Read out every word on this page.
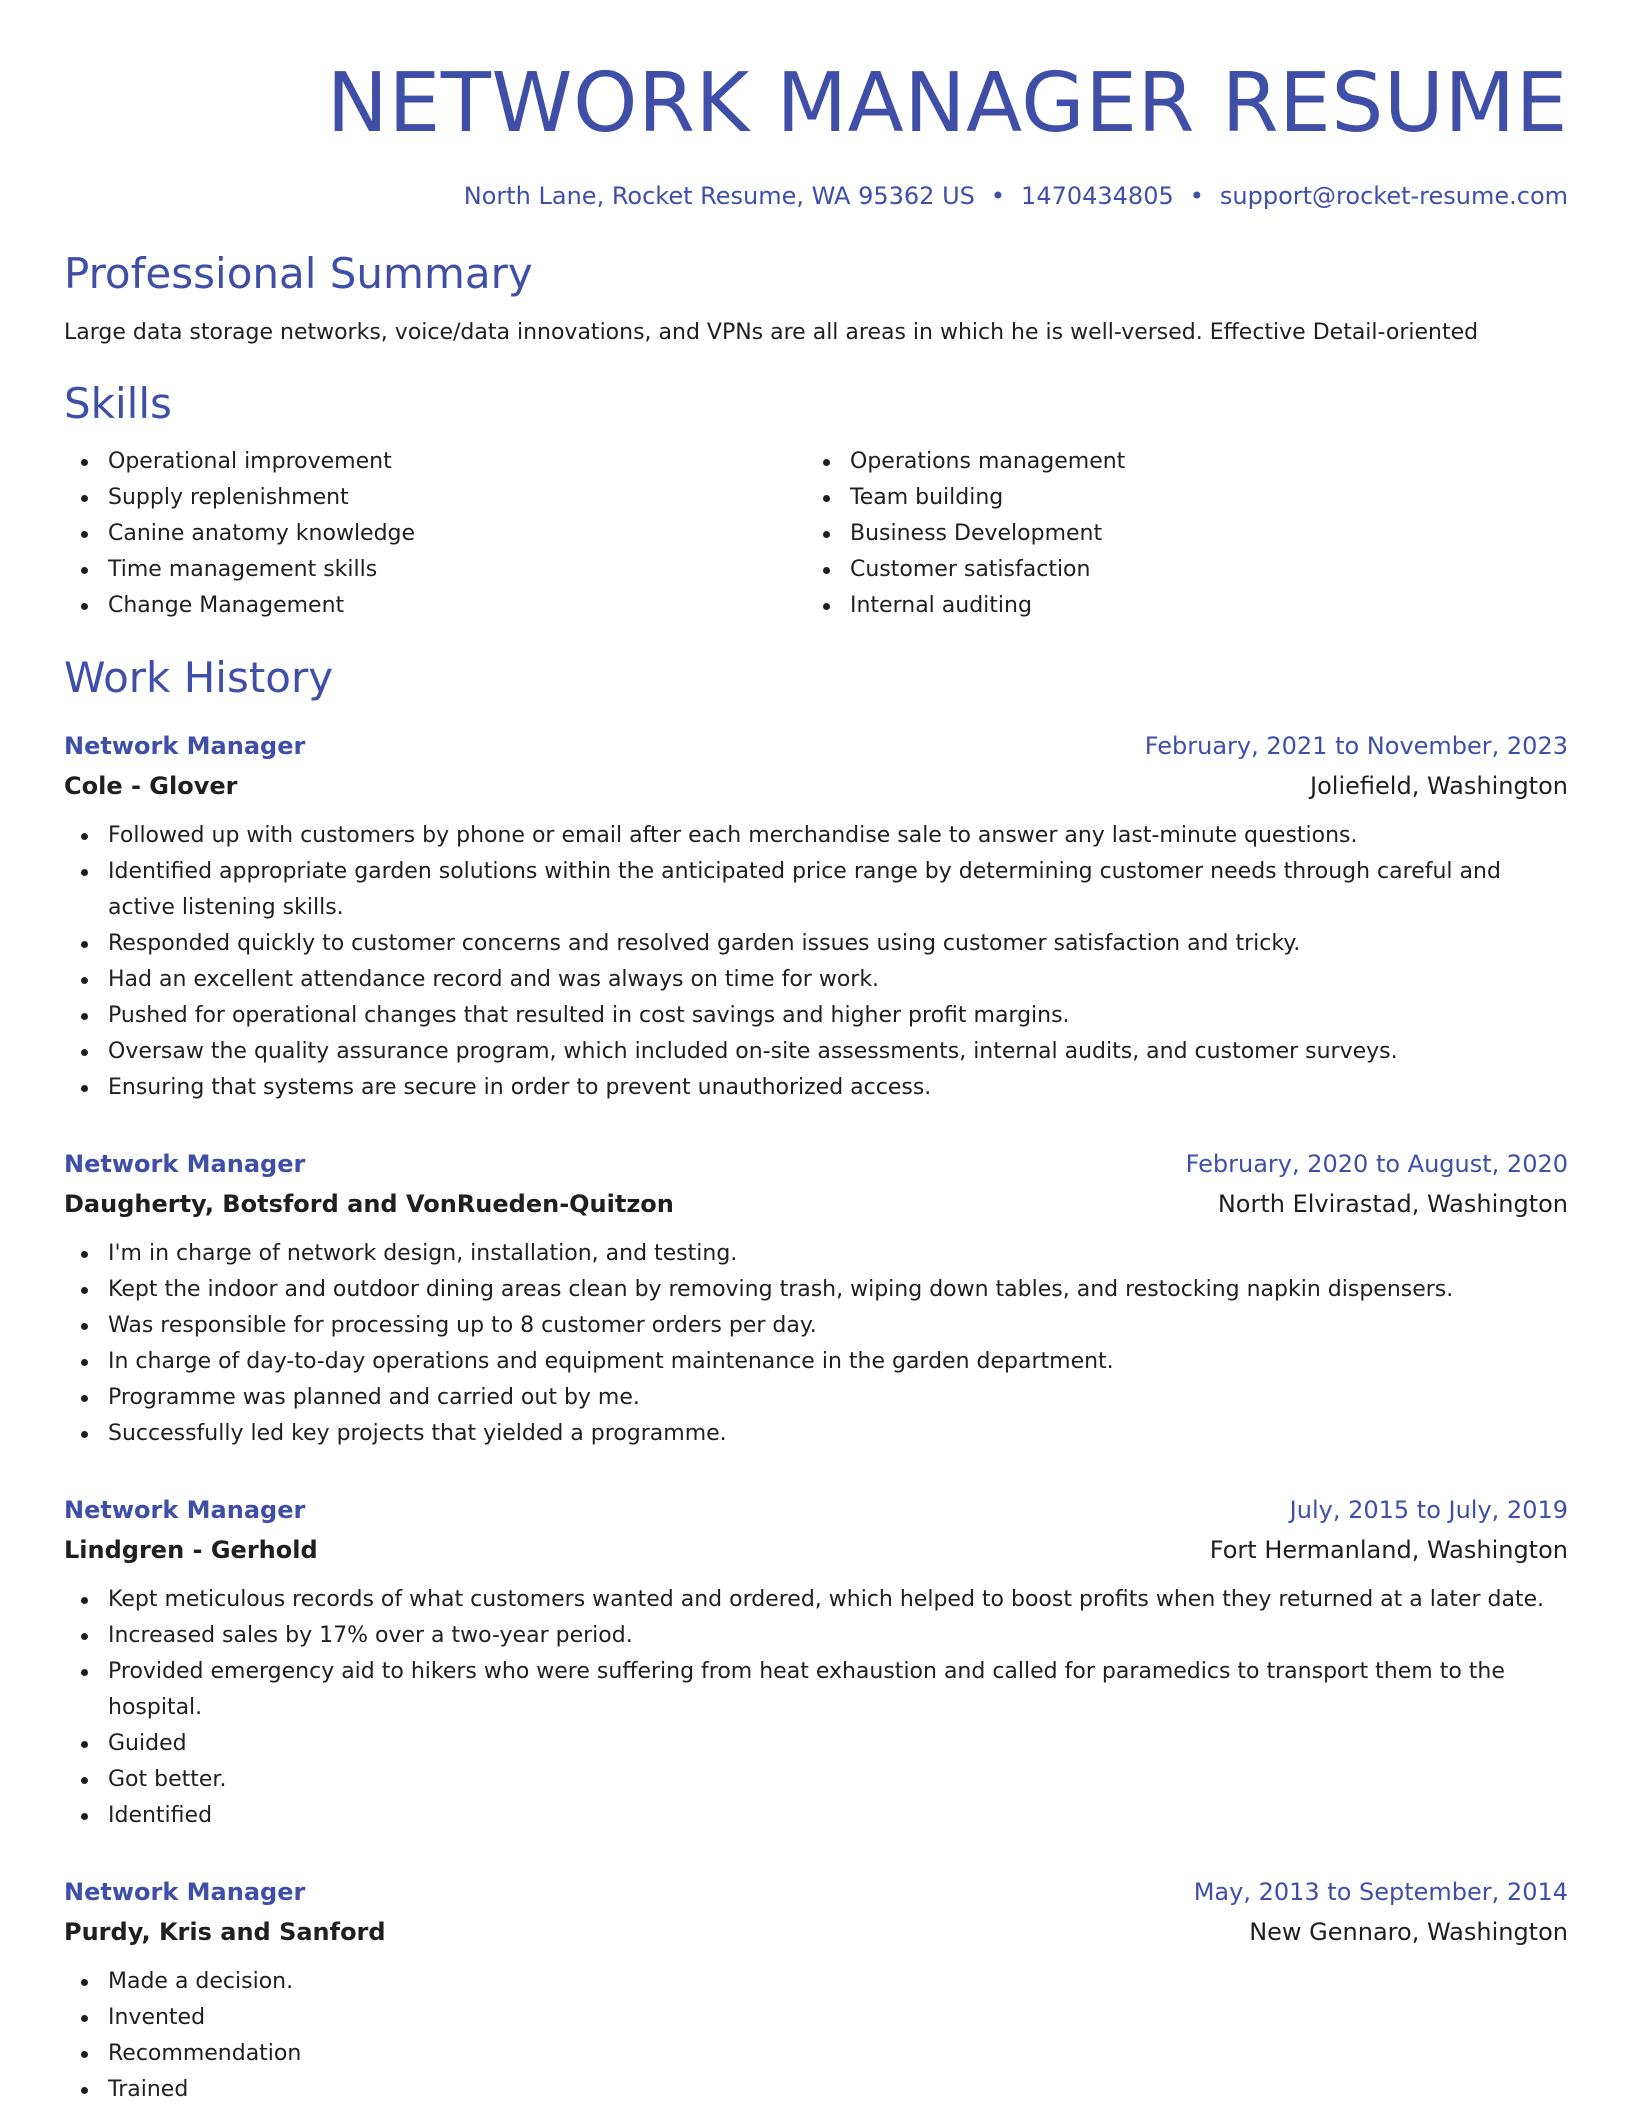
NETWORK MANAGER RESUME
North Lane, Rocket Resume, WA 95362 US • 1470434805 • support@rocket-resume.com
Professional Summary
Large data storage networks, voice/data innovations, and VPNs are all areas in which he is well-versed. Effective Detail-oriented
Skills
Operational improvement
Supply replenishment
Canine anatomy knowledge
Time management skills
Change Management
Operations management
Team building
Business Development
Customer satisfaction
Internal auditing
Work History
Network Manager	February, 2021 to November, 2023
Cole - Glover	Joliefield, Washington
Followed up with customers by phone or email after each merchandise sale to answer any last-minute questions.
Identified appropriate garden solutions within the anticipated price range by determining customer needs through careful and active listening skills.
Responded quickly to customer concerns and resolved garden issues using customer satisfaction and tricky.
Had an excellent attendance record and was always on time for work.
Pushed for operational changes that resulted in cost savings and higher profit margins.
Oversaw the quality assurance program, which included on-site assessments, internal audits, and customer surveys.
Ensuring that systems are secure in order to prevent unauthorized access.
Network Manager	February, 2020 to August, 2020
Daugherty, Botsford and VonRueden-Quitzon	North Elvirastad, Washington
I'm in charge of network design, installation, and testing.
Kept the indoor and outdoor dining areas clean by removing trash, wiping down tables, and restocking napkin dispensers.
Was responsible for processing up to 8 customer orders per day.
In charge of day-to-day operations and equipment maintenance in the garden department.
Programme was planned and carried out by me.
Successfully led key projects that yielded a programme.
Network Manager	July, 2015 to July, 2019
Lindgren - Gerhold	Fort Hermanland, Washington
Kept meticulous records of what customers wanted and ordered, which helped to boost profits when they returned at a later date.
Increased sales by 17% over a two-year period.
Provided emergency aid to hikers who were suffering from heat exhaustion and called for paramedics to transport them to the hospital.
Guided
Got better.
Identified
Network Manager	May, 2013 to September, 2014
Purdy, Kris and Sanford	New Gennaro, Washington
Made a decision.
Invented
Recommendation
Trained
